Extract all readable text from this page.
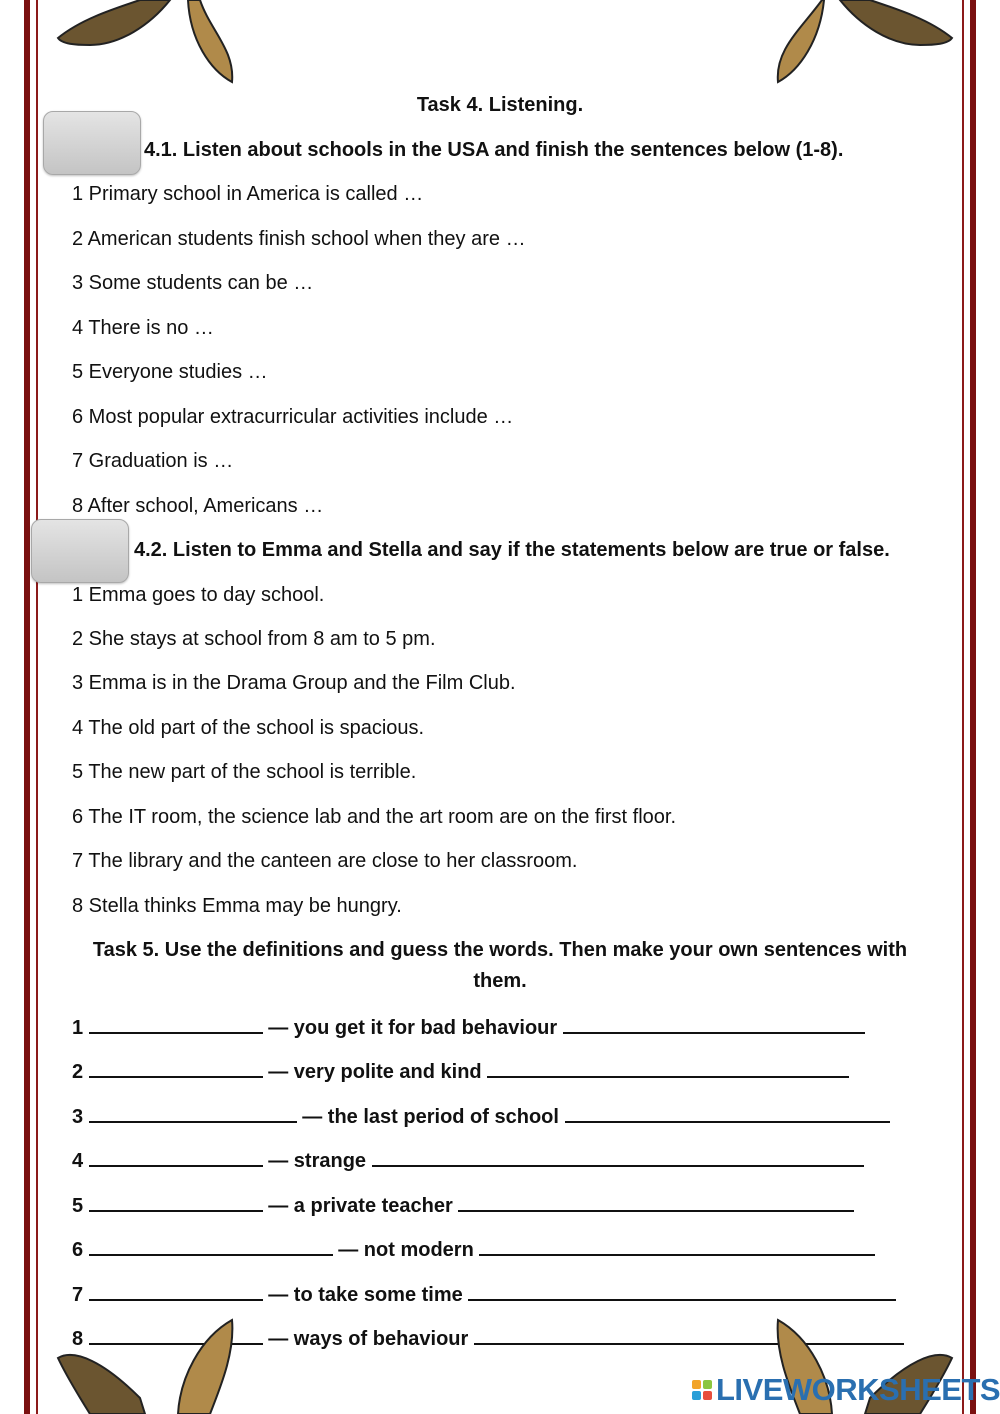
Task 4. Listening.
4.1. Listen about schools in the USA and finish the sentences below (1-8).
1 Primary school in America is called …
2 American students finish school when they are …
3 Some students can be …
4 There is no …
5 Everyone studies …
6 Most popular extracurricular activities include …
7 Graduation is …
8 After school, Americans …
4.2. Listen to Emma and Stella and say if the statements below are true or false.
1 Emma goes to day school.
2 She stays at school from 8 am to 5 pm.
3 Emma is in the Drama Group and the Film Club.
4 The old part of the school is spacious.
5 The new part of the school is terrible.
6 The IT room, the science lab and the art room are on the first floor.
7 The library and the canteen are close to her classroom.
8 Stella thinks Emma may be hungry.
Task 5. Use the definitions and guess the words. Then make your own sentences with
them.
1	— you get it for bad behaviour
2	— very polite and kind
3	— the last period of school
4	— strange
5	— a private teacher
6	— not modern
7	— to take some time
8	— ways of behaviour
LIVEWORKSHEETS
